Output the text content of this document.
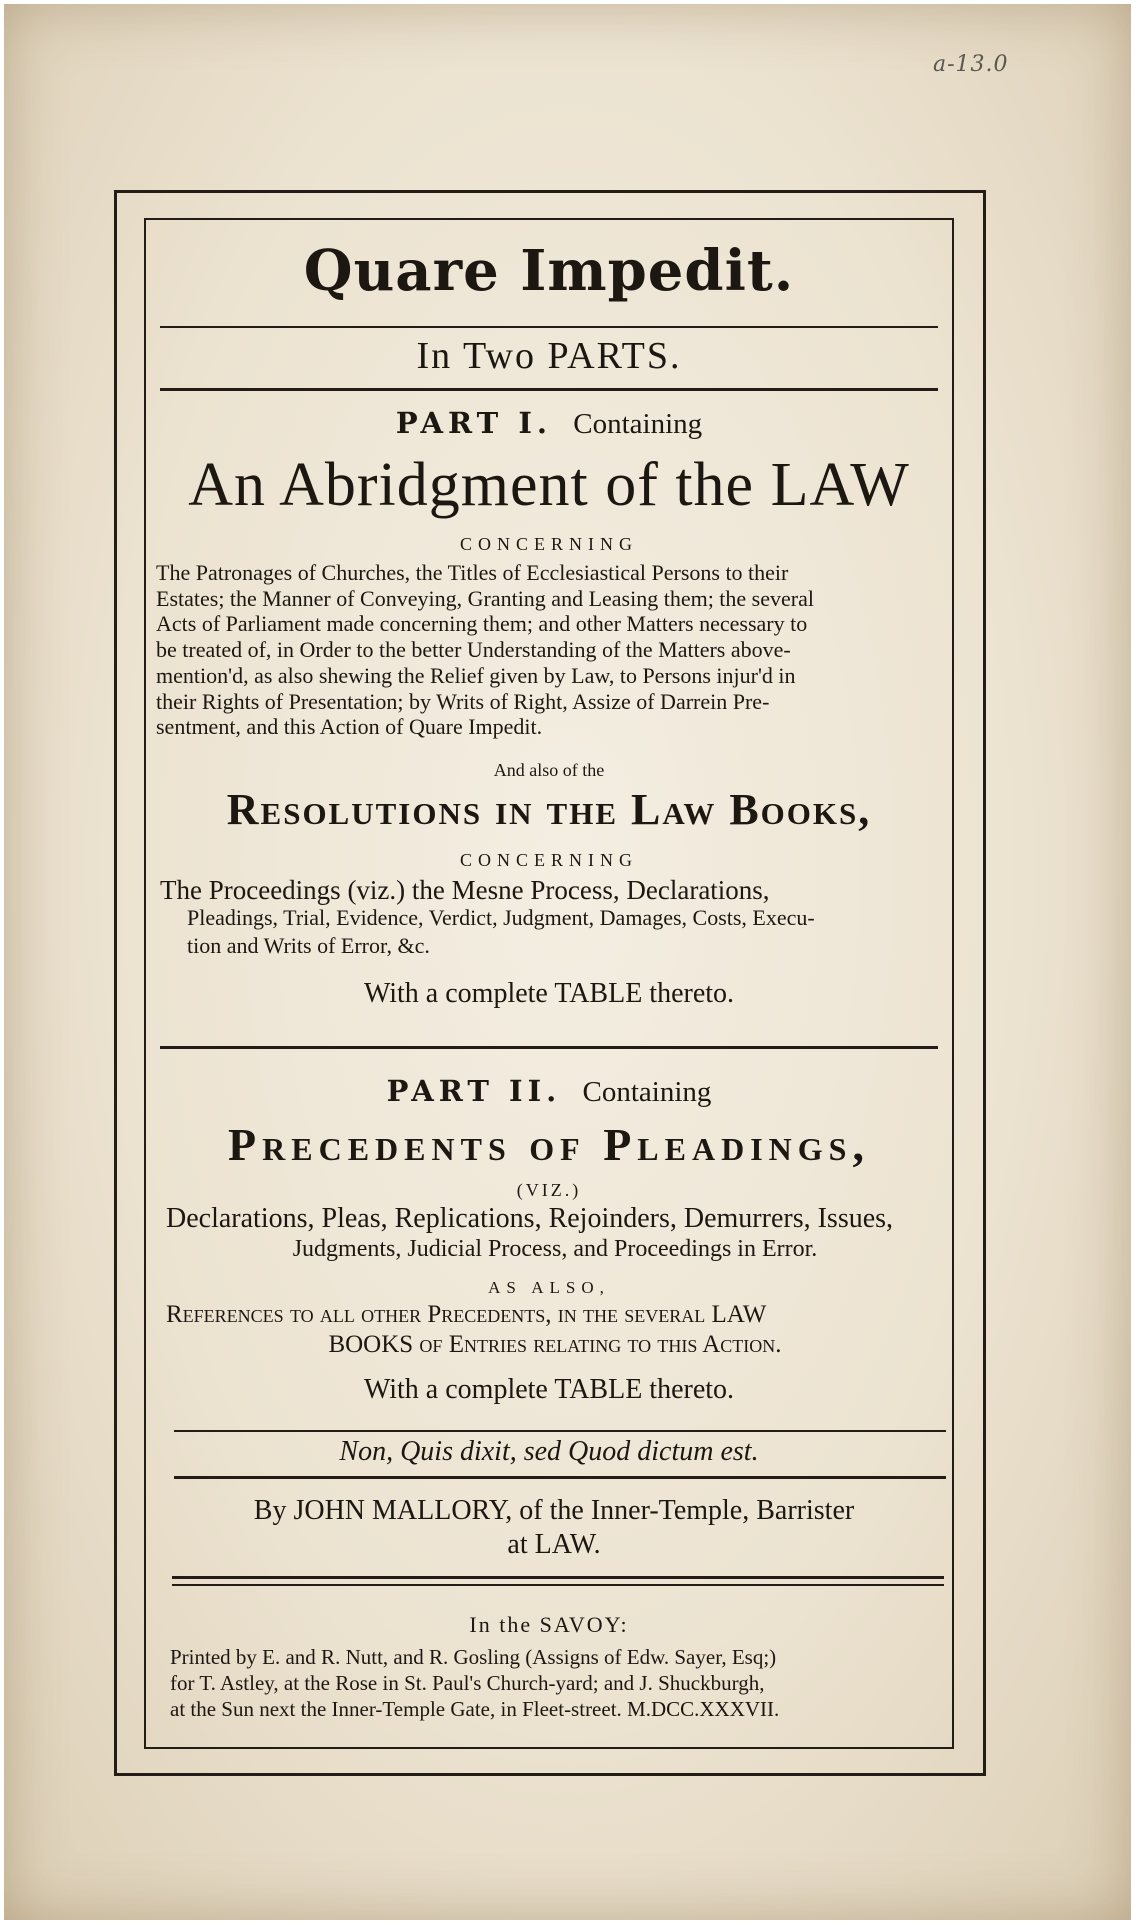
a-13.0
Quare Impedit.
In Two PARTS.
PART I. Containing
An Abridgment of the LAW
CONCERNING
The Patronages of Churches, the Titles of Ecclesiastical Persons to their
Estates; the Manner of Conveying, Granting and Leasing them; the several
Acts of Parliament made concerning them; and other Matters necessary to
be treated of, in Order to the better Understanding of the Matters above-
mention'd, as also shewing the Relief given by Law, to Persons injur'd in
their Rights of Presentation; by Writs of Right, Assize of Darrein Pre-
sentment, and this Action of Quare Impedit.
And also of the
Resolutions in the Law Books,
CONCERNING
The Proceedings (viz.) the Mesne Process, Declarations,
Pleadings, Trial, Evidence, Verdict, Judgment, Damages, Costs, Execu-
tion and Writs of Error, &c.
With a complete TABLE thereto.
PART II. Containing
Precedents of Pleadings,
(VIZ.)
Declarations, Pleas, Replications, Rejoinders, Demurrers, Issues,
Judgments, Judicial Process, and Proceedings in Error.
AS ALSO,
References to all other Precedents, in the several LAW
BOOKS of Entries relating to this Action.
With a complete TABLE thereto.
Non, Quis dixit, sed Quod dictum est.
By JOHN MALLORY, of the Inner-Temple, Barrister
at LAW.
In the SAVOY:
Printed by E. and R. Nutt, and R. Gosling (Assigns of Edw. Sayer, Esq;)
for T. Astley, at the Rose in St. Paul's Church-yard; and J. Shuckburgh,
at the Sun next the Inner-Temple Gate, in Fleet-street. M.DCC.XXXVII.
